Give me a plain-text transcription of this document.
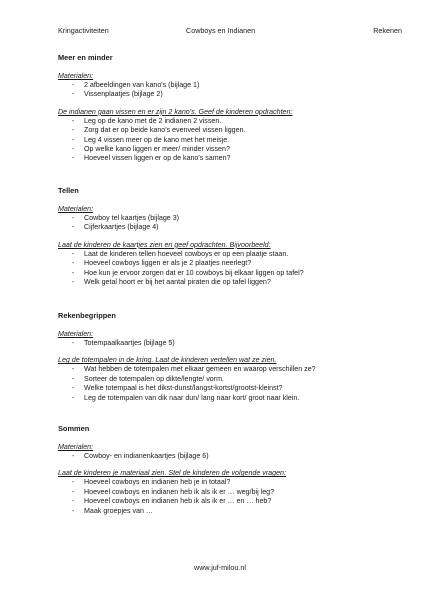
Kringactiviteiten	Cowboys en Indianen	Rekenen

Meer en minder

Materialen:

- 2 afbeeldingen van kano's (bijlage 1)
- Vissenplaatjes (bijlage 2)

De indianen gaan vissen en er zijn 2 kano's. Geef de kinderen opdrachten:

- Leg op de kano met de 2 indianen 2 vissen.
- Zorg dat er op beide kano's evenveel vissen liggen.
- Leg 4 vissen meer op de kano met het meisje.
- Op welke kano liggen er meer/ minder vissen?
- Hoeveel vissen liggen er op de kano's samen?

Tellen

Materialen:

- Cowboy tel kaartjes (bijlage 3)
- Cijferkaartjes (bijlage 4)

Laat de kinderen de kaartjes zien en geef opdrachten. Bijvoorbeeld:

- Laat de kinderen tellen hoeveel cowboys er op een plaatje staan.
- Hoeveel cowboys liggen er als je 2 plaatjes neerlegt?
- Hoe kun je ervoor zorgen dat er 10 cowboys bij elkaar liggen op tafel?
- Welk getal hoort er bij het aantal piraten die op tafel liggen?

Rekenbegrippen

Materialen:

- Totempaalkaartjes (bijlage 5)

Leg de totempalen in de kring. Laat de kinderen vertellen wat ze zien.

- Wat hebben de totempalen met elkaar gemeen en waarop verschillen ze?
- Sorteer de totempalen op dikte/lengte/ vorm.
- Welke totempaal is het dikst-dunst/langst-kortst/grootst-kleinst?
- Leg de totempalen van dik naar dun/ lang naar kort/ groot naar klein.

Sommen

Materialen:

- Cowboy- en indianenkaartjes (bijlage 6)

Laat de kinderen je materiaal zien. Stel de kinderen de volgende vragen:

- Hoeveel cowboys en indianen heb je in totaal?
- Hoeveel cowboys en indianen heb ik als ik er … weg/bij leg?
- Hoeveel cowboys en indianen heb ik als ik er … en … heb?
- Maak groepjes van …
www.juf-milou.nl
